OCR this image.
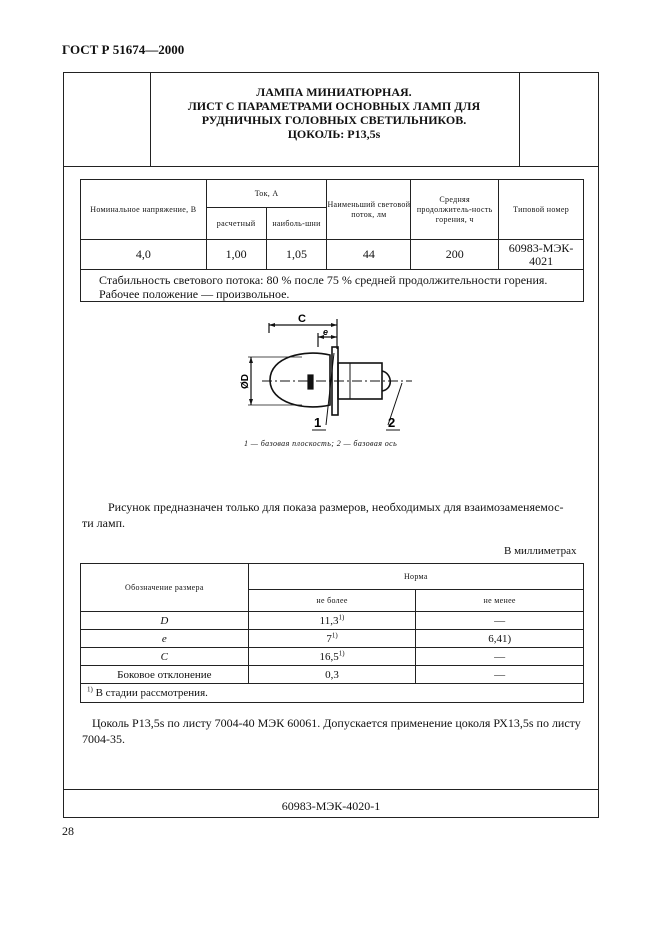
ГОСТ Р 51674—2000
ЛАМПА МИНИАТЮРНАЯ.
ЛИСТ С ПАРАМЕТРАМИ ОСНОВНЫХ ЛАМП ДЛЯ
РУДНИЧНЫХ ГОЛОВНЫХ СВЕТИЛЬНИКОВ.
ЦОКОЛЬ: Р13,5s
Номинальное напряжение, В	Ток, А		Наименьший световой поток, лм	Средняя продолжитель-ность горения, ч	Типовой номер
	расчетный	наиболь-шни			
4,0	1,00	1,05	44	200	60983-МЭК-
4021

Стабильность светового потока: 80 % после 75 % средней продолжительности горения.
Рабочее положение — произвольное.					
C
e
ØD
1	2
1 — базовая плоскость; 2 — базовая ось
Рисунок предназначен только для показа размеров, необходимых для взаимозаменяемос-
ти ламп.
В миллиметрах
Обозначение размера	Норма	
	не более	не менее
D	11,3$^{1)}$	—
e	7$^{1)}$	6,41)
C	16,5$^{1)}$	—
Боковое отклонение	0,3	—
$^{1)}$ В стадии рассмотрения.		
Цоколь Р13,5s по листу 7004-40 МЭК 60061. Допускается применение цоколя РХ13,5s по листу
7004-35.
60983-МЭК-4020-1
28
